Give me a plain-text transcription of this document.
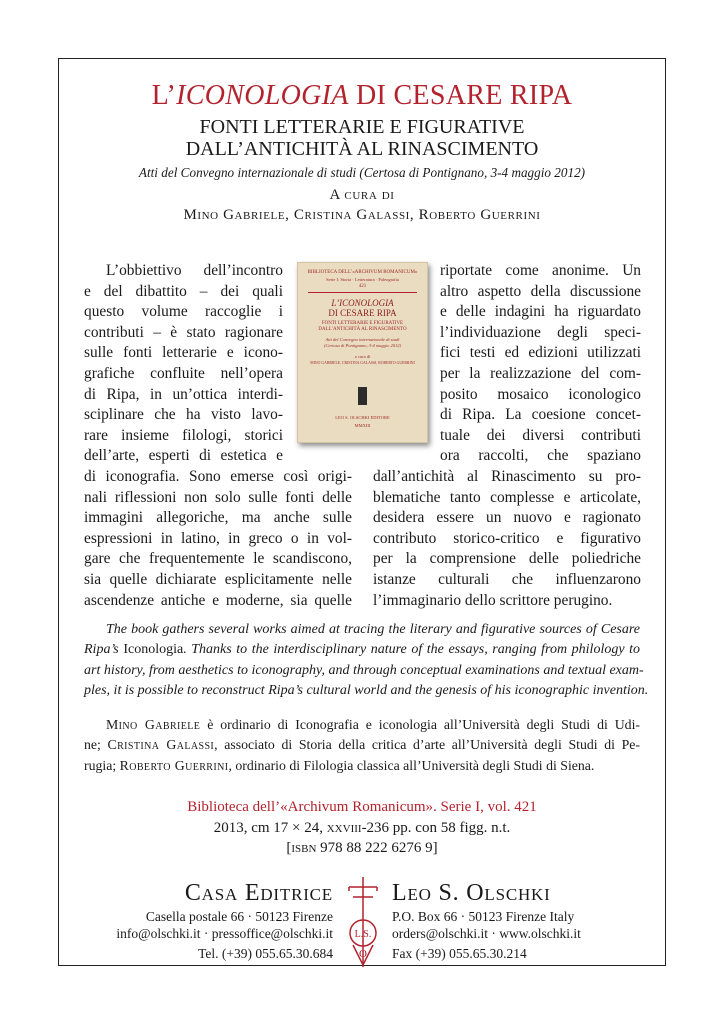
L’ICONOLOGIA DI CESARE RIPA
FONTI LETTERARIE E FIGURATIVE
DALL’ANTICHITÀ AL RINASCIMENTO
Atti del Convegno internazionale di studi (Certosa di Pontignano, 3-4 maggio 2012)
A cura di
Mino Gabriele, Cristina Galassi, Roberto Guerrini
L’obbiettivo dell’incontro
e del dibattito – dei quali
questo volume raccoglie i
contributi – è stato ragionare
sulle fonti letterarie e icono-
grafiche confluite nell’opera
di Ripa, in un’ottica interdi-
sciplinare che ha visto lavo-
rare insieme filologi, storici
dell’arte, esperti di estetica e
di iconografia. Sono emerse così origi-
nali riflessioni non solo sulle fonti delle
immagini allegoriche, ma anche sulle
espressioni in latino, in greco o in vol-
gare che frequentemente le scandiscono,
sia quelle dichiarate esplicitamente nelle
ascendenze antiche e moderne, sia quelle
riportate come anonime. Un
altro aspetto della discussione
e delle indagini ha riguardato
l’individuazione degli speci-
fici testi ed edizioni utilizzati
per la realizzazione del com-
posito mosaico iconologico
di Ripa. La coesione concet-
tuale dei diversi contributi
ora raccolti, che spaziano
dall’antichità al Rinascimento su pro-
blematiche tanto complesse e articolate,
desidera essere un nuovo e ragionato
contributo storico-critico e figurativo
per la comprensione delle poliedriche
istanze culturali che influenzarono
l’immaginario dello scrittore perugino.
BIBLIOTECA DELL’«ARCHIVUM ROMANICUM»
Serie I: Storia · Letteratura · Paleografia
421
L’ICONOLOGIA
DI CESARE RIPA
FONTI LETTERARIE E FIGURATIVE
DALL’ANTICHITÀ AL RINASCIMENTO
Atti del Convegno internazionale di studi
(Certosa di Pontignano, 3-4 maggio 2012)
a cura di
MINO GABRIELE, CRISTINA GALASSI, ROBERTO GUERRINI
LEO S. OLSCHKI EDITORE
MMXIII
The book gathers several works aimed at tracing the literary and figurative sources of Cesare
Ripa’s Iconologia. Thanks to the interdisciplinary nature of the essays, ranging from philology to
art history, from aesthetics to iconography, and through conceptual examinations and textual exam-
ples, it is possible to reconstruct Ripa’s cultural world and the genesis of his iconographic invention.
Mino Gabriele è ordinario di Iconografia e iconologia all’Università degli Studi di Udi-
ne; Cristina Galassi, associato di Storia della critica d’arte all’Università degli Studi di Pe-
rugia; Roberto Guerrini, ordinario di Filologia classica all’Università degli Studi di Siena.
Biblioteca dell’«Archivum Romanicum». Serie I, vol. 421
2013, cm 17 × 24, xxviii-236 pp. con 58 figg. n.t.
[isbn 978 88 222 6276 9]
Casa Editrice Leo S. Olschki
Casella postale 66 · 50123 Firenze
info@olschki.it · pressoffice@olschki.it
P.O. Box 66 · 50123 Firenze Italy
orders@olschki.it · www.olschki.it
Tel. (+39) 055.65.30.684	Fax (+39) 055.65.30.214
L.S.
O
